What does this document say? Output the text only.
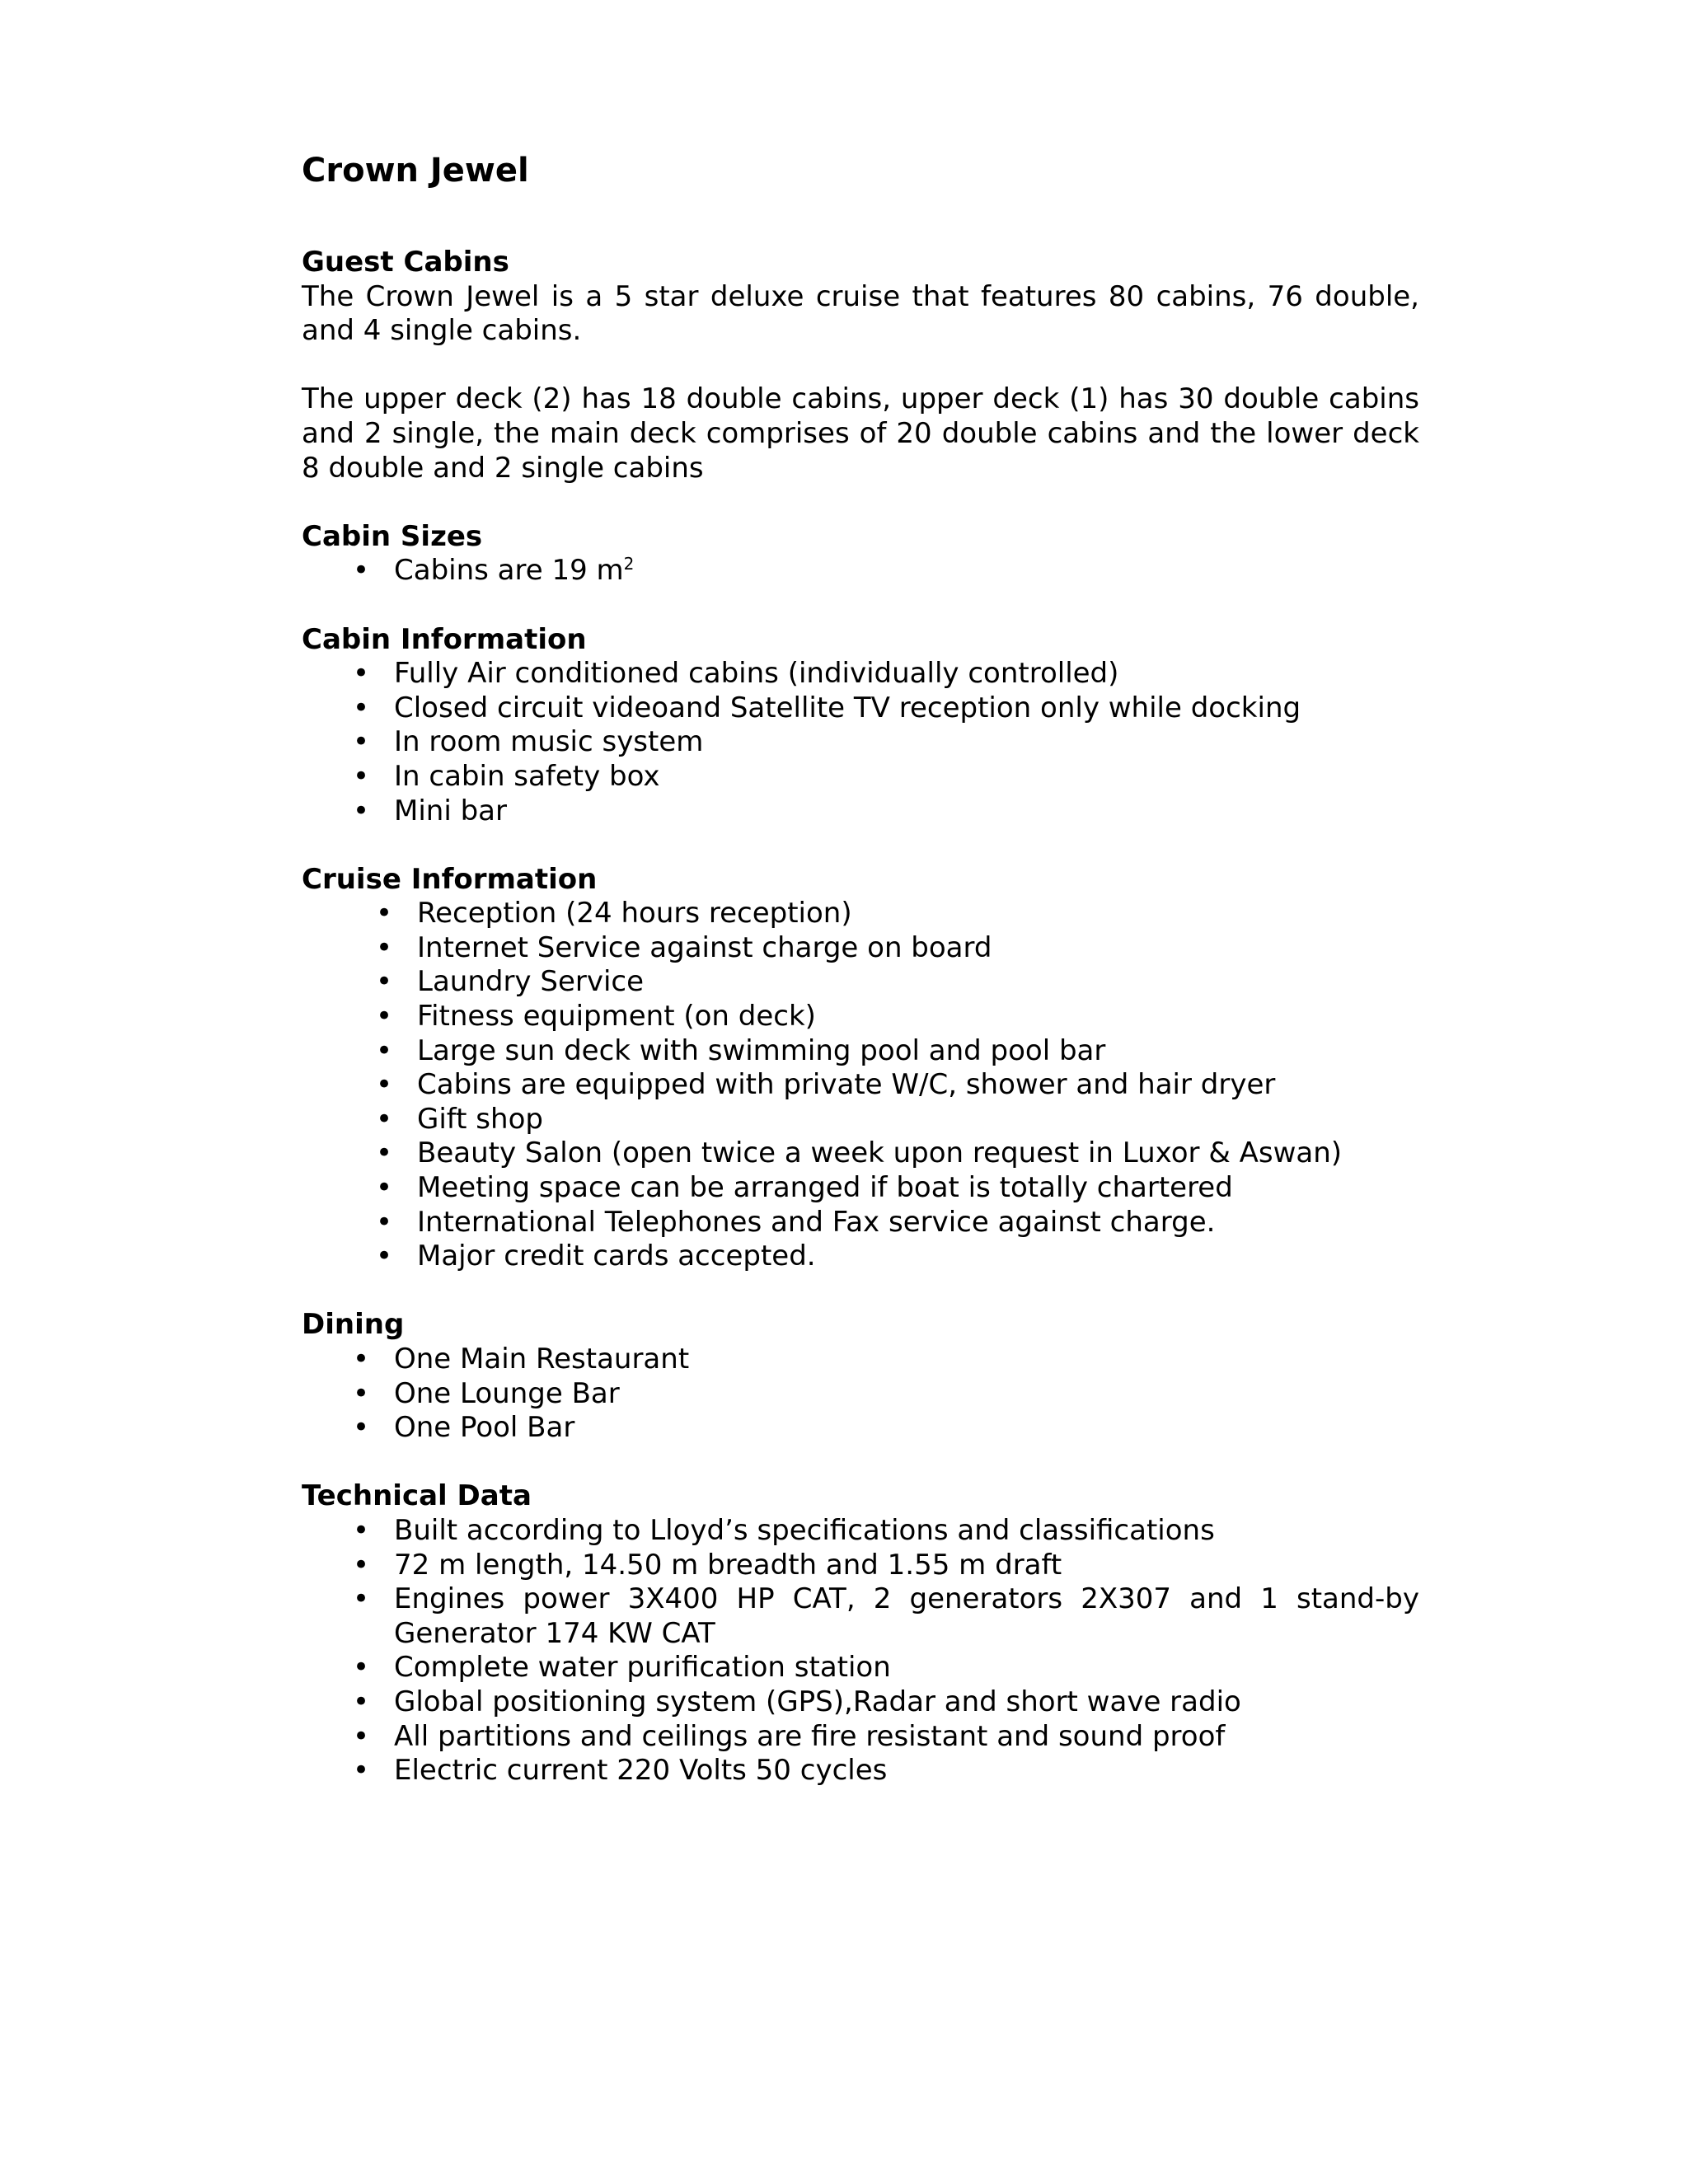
Crown Jewel

Guest Cabins

The Crown Jewel is a 5 star deluxe cruise that features 80 cabins, 76 double, and 4 single cabins.

The upper deck (2) has 18 double cabins, upper deck (1) has 30 double cabins and 2 single, the main deck comprises of 20 double cabins and the lower deck 8 double and 2 single cabins

Cabin Sizes

• Cabins are 19 $m^2$

Cabin Information

• Fully Air conditioned cabins (individually controlled)
• Closed circuit videoand Satellite TV reception only while docking
• In room music system
• In cabin safety box
• Mini bar

Cruise Information

• Reception (24 hours reception)
• Internet Service against charge on board
• Laundry Service
• Fitness equipment (on deck)
• Large sun deck with swimming pool and pool bar
• Cabins are equipped with private W/C, shower and hair dryer
• Gift shop
• Beauty Salon (open twice a week upon request in Luxor & Aswan)
• Meeting space can be arranged if boat is totally chartered
• International Telephones and Fax service against charge.
• Major credit cards accepted.

Dining

• One Main Restaurant
• One Lounge Bar
• One Pool Bar

Technical Data

• Built according to Lloyd’s specifications and classifications
• 72 m length, 14.50 m breadth and 1.55 m draft
• Engines power 3X400 HP CAT, 2 generators 2X307 and 1 stand-by Generator 174 KW CAT
• Complete water purification station
• Global positioning system (GPS),Radar and short wave radio
• All partitions and ceilings are fire resistant and sound proof
• Electric current 220 Volts 50 cycles
